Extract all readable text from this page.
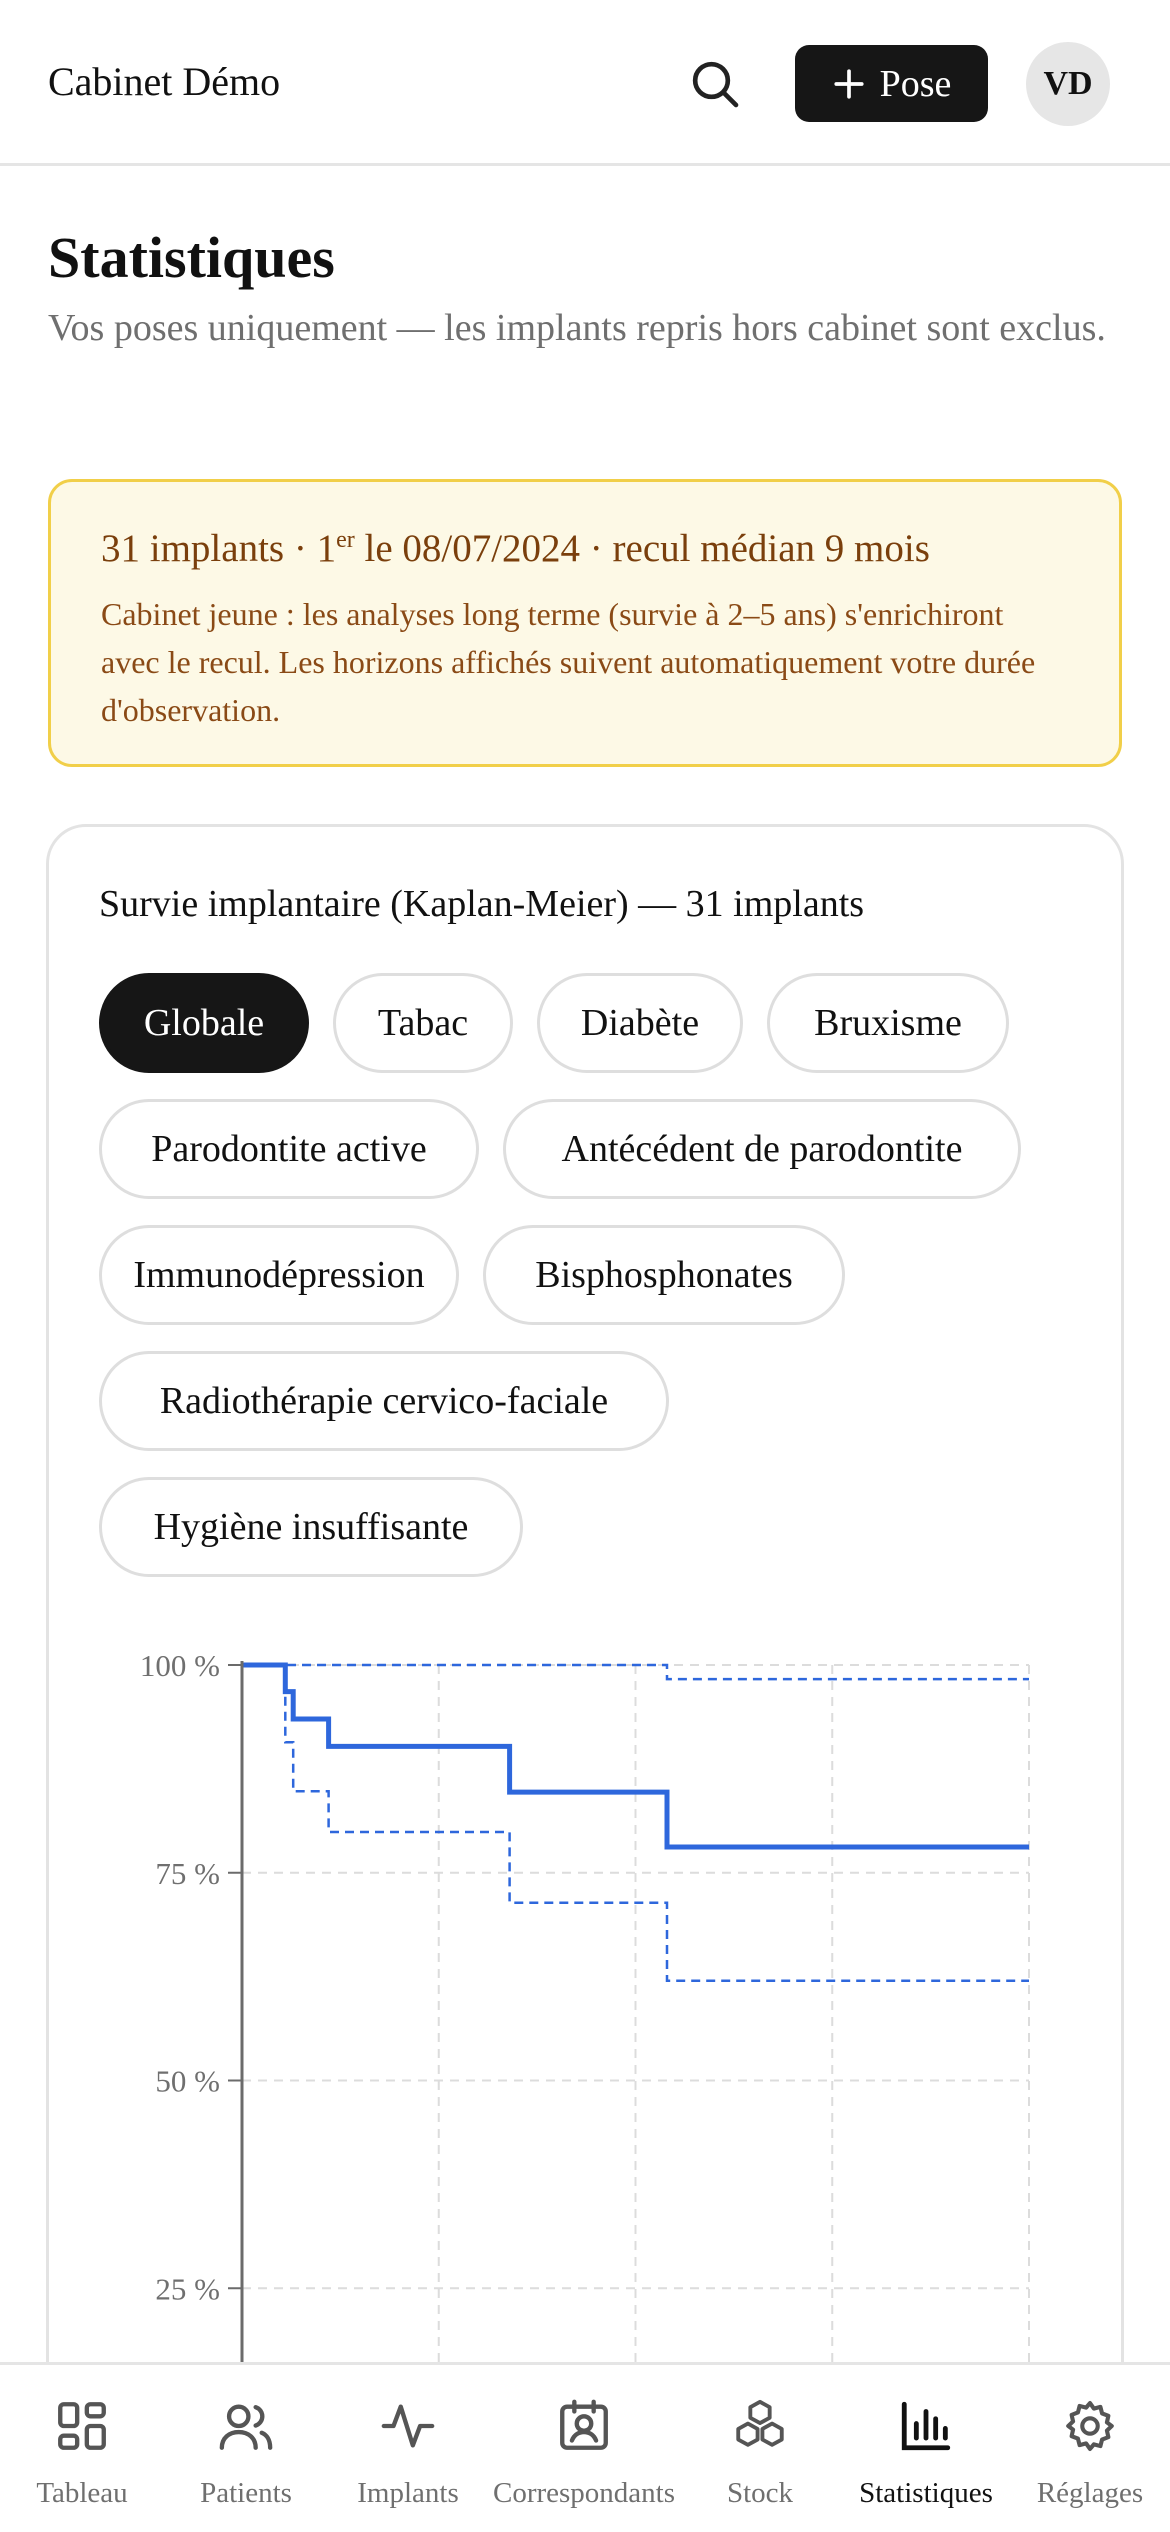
Cabinet Démo	Pose	VD
Statistiques

Vos poses uniquement — les implants repris hors cabinet sont exclus.

31 implants · 1er le 08/07/2024 · recul médian 9 mois
Cabinet jeune : les analyses long terme (survie à 2–5 ans) s'enrichiront avec le recul. Les horizons affichés suivent automatiquement votre durée d'observation.
Survie implantaire (Kaplan-Meier) — 31 implants
Globale	Tabac	Diabète	Bruxisme
Parodontite active	Antécédent de parodontite
Immunodépression	Bisphosphonates
Radiothérapie cervico-faciale
Hygiène insuffisante
100 %
75 %
50 %
25 %
Tableau Patients Implants Correspondants Stock Statistiques Réglages
